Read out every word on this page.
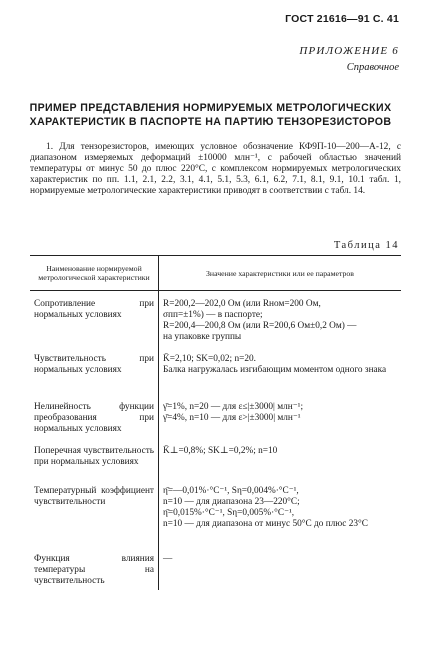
ГОСТ 21616—91 С. 41
ПРИЛОЖЕНИЕ 6
Справочное
ПРИМЕР ПРЕДСТАВЛЕНИЯ НОРМИРУЕМЫХ МЕТРОЛОГИЧЕСКИХ
ХАРАКТЕРИСТИК В ПАСПОРТЕ НА ПАРТИЮ ТЕНЗОРЕЗИСТОРОВ
1. Для тензорезисторов, имеющих условное обозначение КФ9П-10—200—А-12, с диапазоном измеряемых деформаций ±10000 млн⁻¹, с рабочей областью значений температуры от минус 50 до плюс 220°С, с комплексом нормируемых метрологических характеристик по пп. 1.1, 2.1, 2.2, 3.1, 4.1, 5.1, 5.3, 6.1, 6.2, 7.1, 8.1, 9.1, 10.1 табл. 1, нормируемые метрологические характеристики приводят в соответствии с табл. 14.
Таблица 14
Наименование нормируемой метрологической характеристики	Значение характеристики или ее параметров
Сопротивление при нормальных условиях	R=200,2—202,0 Ом (или Rном=200 Ом,
σпп=±1%) — в паспорте;
R=200,4—200,8 Ом (или R=200,6 Ом±0,2 Ом) —
на упаковке группы

Чувствительность при нормальных условиях	K̄=2,10; SK=0,02; n=20.
Балка нагружалась изгибающим моментом одного знака

Нелинейность функции преобразования при нормальных условиях	γ̄=1%, n=20 — для ε≤|±3000| млн⁻¹;
γ̄=4%, n=10 — для ε>|±3000| млн⁻¹

Поперечная чувствительность при нормальных условиях	K̄⊥=0,8%; SK⊥=0,2%; n=10

Температурный коэффициент чувствительности	η̄=—0,01%·°С⁻¹, Sη=0,004%·°С⁻¹,
n=10 — для диапазона 23—220°С;
η̄=0,015%·°С⁻¹, Sη=0,005%·°С⁻¹,
n=10 — для диапазона от минус 50°С до плюс 23°С

Функция влияния температуры на чувствительность	—
